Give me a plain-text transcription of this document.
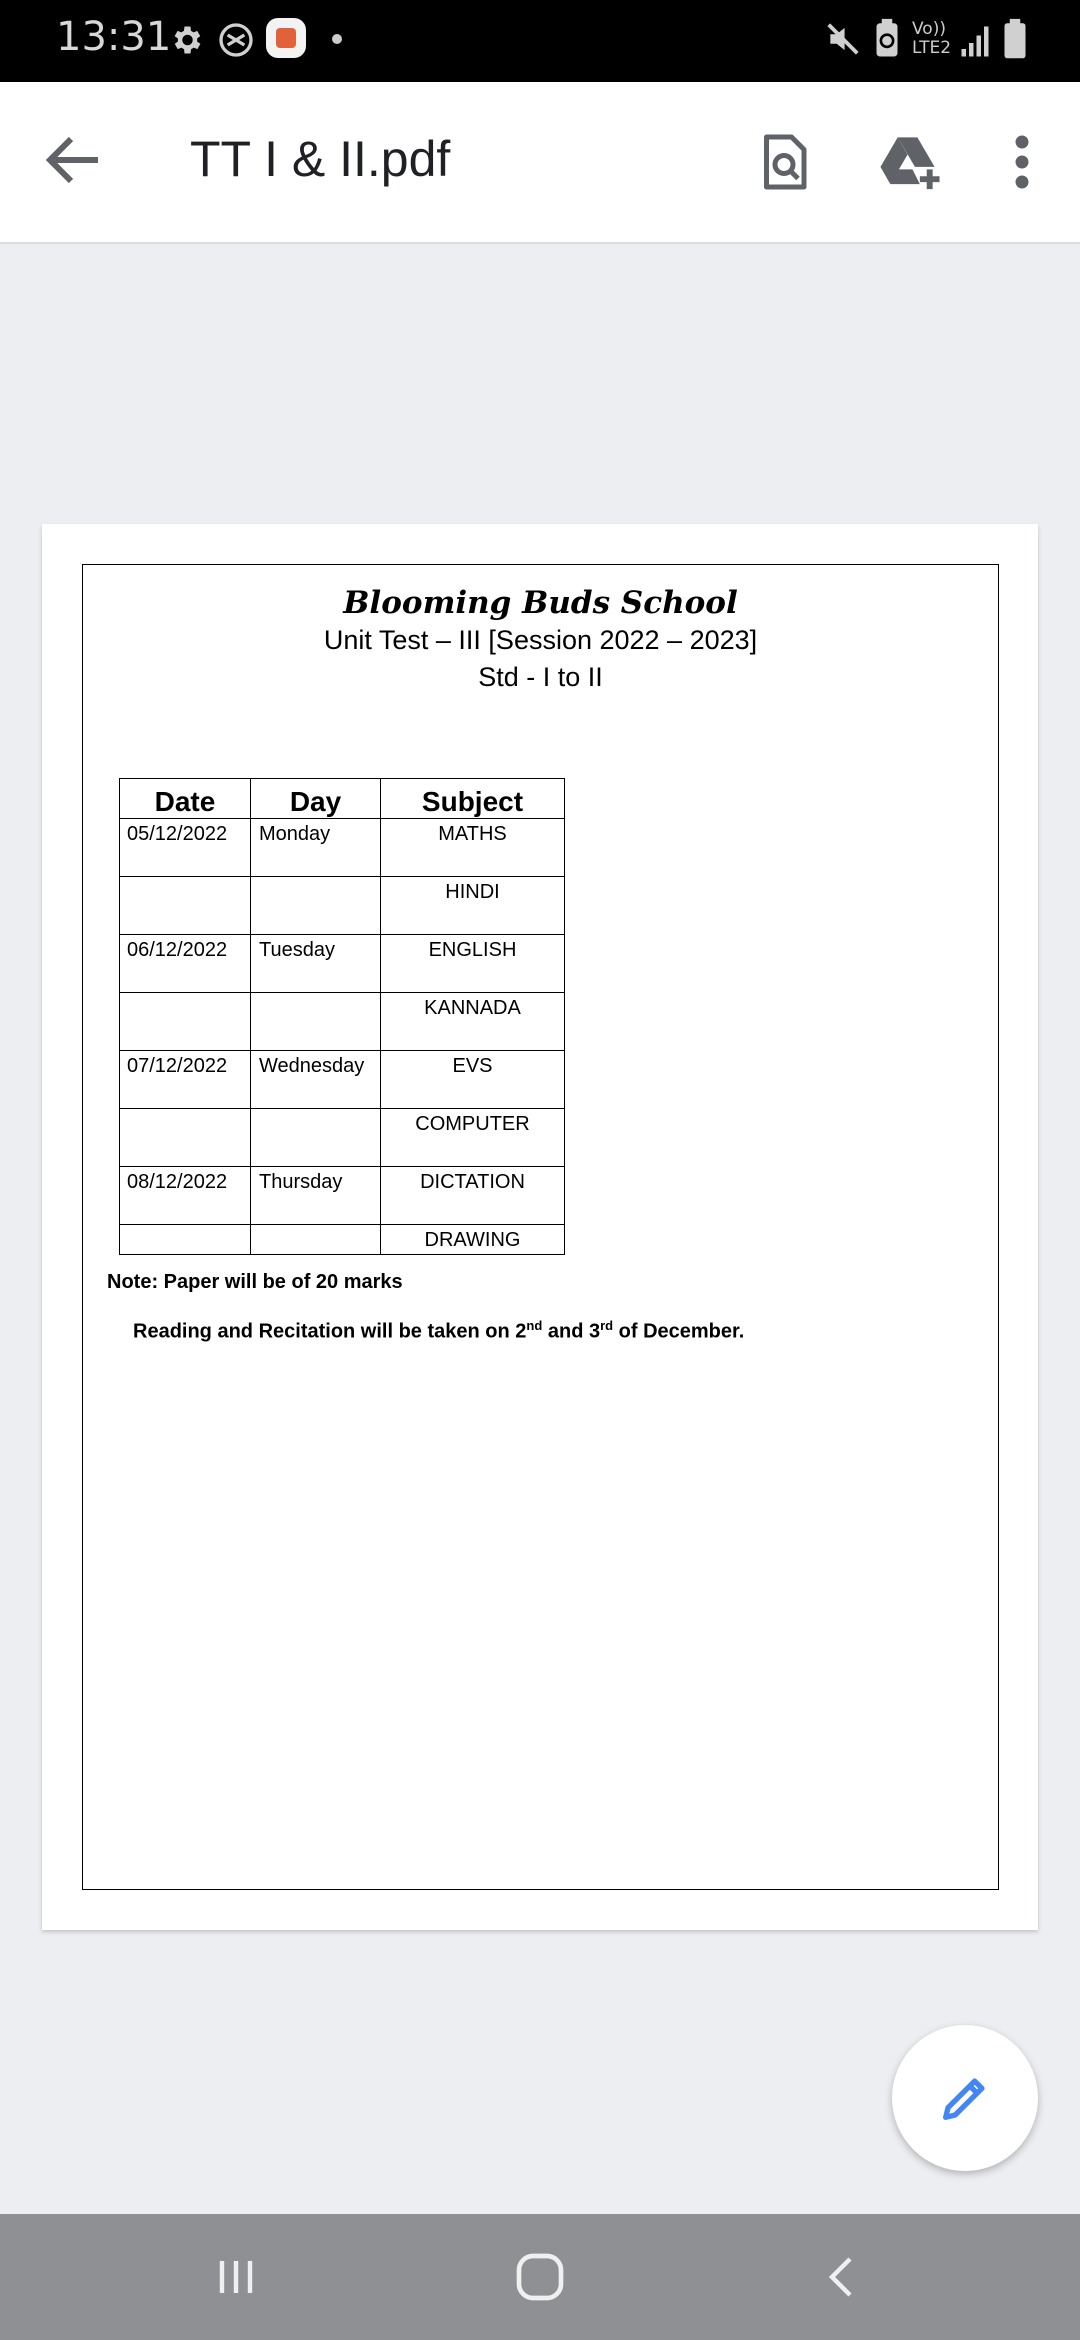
13:31	Vo))
LTE2
TT I & II.pdf
Blooming Buds School
Unit Test – III [Session 2022 – 2023]
Std - I to II
Date	Day	Subject
05/12/2022	Monday	MATHS
		HINDI
06/12/2022	Tuesday	ENGLISH
		KANNADA
07/12/2022	Wednesday	EVS
		COMPUTER
08/12/2022	Thursday	DICTATION
		DRAWING
Note: Paper will be of 20 marks
Reading and Recitation will be taken on 2nd and 3rd of December.
